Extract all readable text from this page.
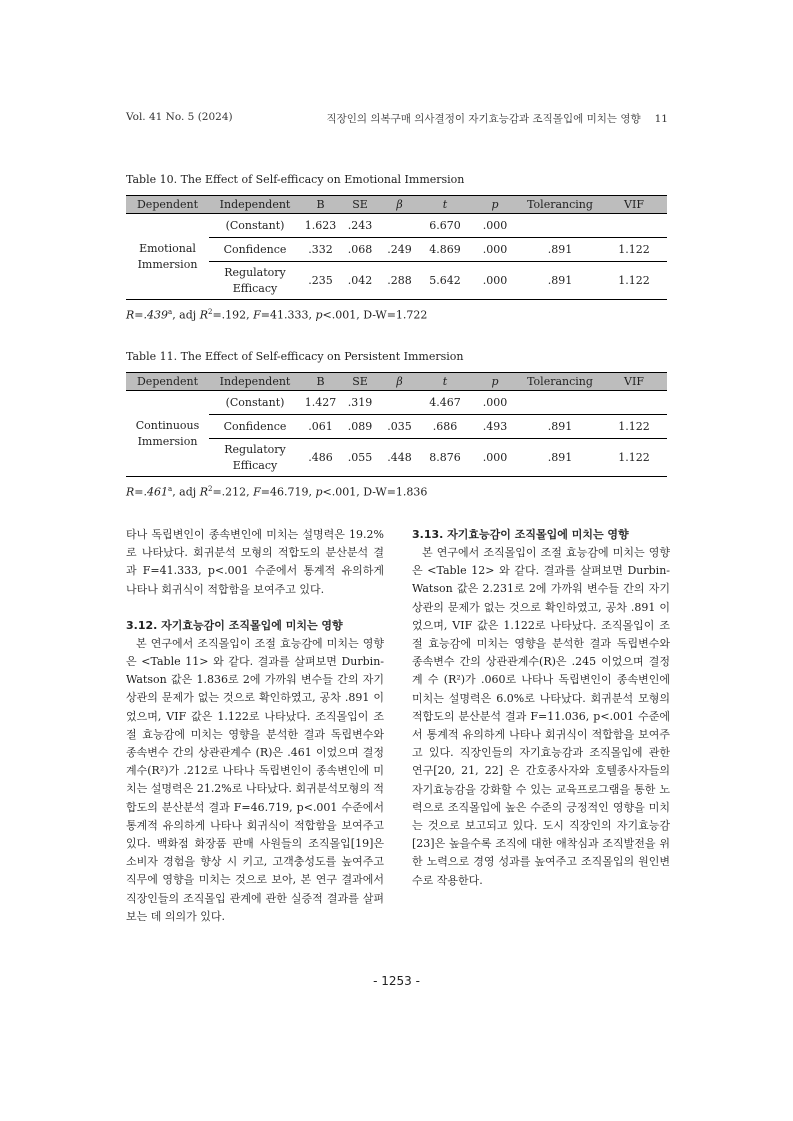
Vol. 41 No. 5 (2024)	직장인의 의복구매 의사결정이 자기효능감과 조직몰입에 미치는 영향 11
Table 10. The Effect of Self-efficacy on Emotional Immersion
Dependent	Independent	B	SE	β	t	p	Tolerancing	VIF
Emotional Immersion	(Constant)	1.623	.243		6.670	.000		
	Confidence	.332	.068	.249	4.869	.000	.891	1.122
	Regulatory Efficacy	.235	.042	.288	5.642	.000	.891	1.122
R=.439$^a$, adj $R^2=.192$, F=41.333, p<.001, D-W=1.722
Table 11. The Effect of Self-efficacy on Persistent Immersion
Dependent	Independent	B	SE	β	t	p	Tolerancing	VIF
Continuous Immersion	(Constant)	1.427	.319		4.467	.000		
	Confidence	.061	.089	.035	.686	.493	.891	1.122
	Regulatory Efficacy	.486	.055	.448	8.876	.000	.891	1.122
R=.461$^a$, adj $R^2=.212$, F=46.719, p<.001, D-W=1.836

타나 독립변인이 종속변인에 미치는 설명력은 19.2%로 나타났다. 회귀분석 모형의 적합도의 분산분석 결과 F=41.333, p<.001 수준에서 통계적 유의하게 나타나 회귀식이 적합함을 보여주고 있다.

3.12. 자기효능감이 조직몰입에 미치는 영향

본 연구에서 조직몰입이 조절 효능감에 미치는 영향은 <Table 11> 와 같다. 결과를 살펴보면 Durbin-Watson 값은 1.836로 2에 가까워 변수들 간의 자기상관의 문제가 없는 것으로 확인하였고, 공차 .891 이었으며, VIF 값은 1.122로 나타났다. 조직몰입이 조절 효능감에 미치는 영향을 분석한 결과 독립변수와 종속변수 간의 상관관계수 (R)은 .461 이었으며 결정계수(R²)가 .212로 나타나 독립변인이 종속변인에 미치는 설명력은 21.2%로 나타났다. 회귀분석모형의 적합도의 분산분석 결과 F=46.719, p<.001 수준에서 통계적 유의하게 나타나 회귀식이 적합함을 보여주고 있다. 백화점 화장품 판매 사원들의 조직몰입[19]은 소비자 경험을 향상 시 키고, 고객충성도를 높여주고 직무에 영향을 미치는 것으로 보아, 본 연구 결과에서 직장인들의 조직몰입 관계에 관한 실증적 결과를 살펴보는 데 의의가 있다.

3.13. 자기효능감이 조직몰입에 미치는 영향

본 연구에서 조직몰입이 조절 효능감에 미치는 영향은 <Table 12> 와 같다. 결과를 살펴보면 Durbin-Watson 값은 2.231로 2에 가까워 변수들 간의 자기상관의 문제가 없는 것으로 확인하였고, 공차 .891 이었으며, VIF 값은 1.122로 나타났다. 조직몰입이 조절 효능감에 미치는 영향을 분석한 결과 독립변수와 종속변수 간의 상관관계수(R)은 .245 이었으며 결정계 수 (R²)가 .060로 나타나 독립변인이 종속변인에 미치는 설명력은 6.0%로 나타났다. 회귀분석 모형의 적합도의 분산분석 결과 F=11.036, p<.001 수준에서 통계적 유의하게 나타나 회귀식이 적합함을 보여주고 있다. 직장인들의 자기효능감과 조직몰입에 관한 연구[20, 21, 22] 은 간호종사자와 호텔종사자들의 자기효능감을 강화할 수 있는 교육프로그램을 통한 노력으로 조직몰입에 높은 수준의 긍정적인 영향을 미치는 것으로 보고되고 있다. 도시 직장인의 자기효능감[23]은 높을수록 조직에 대한 애착심과 조직발전을 위한 노력으로 경영 성과를 높여주고 조직몰입의 원인변수로 작용한다.

- 1253 -
